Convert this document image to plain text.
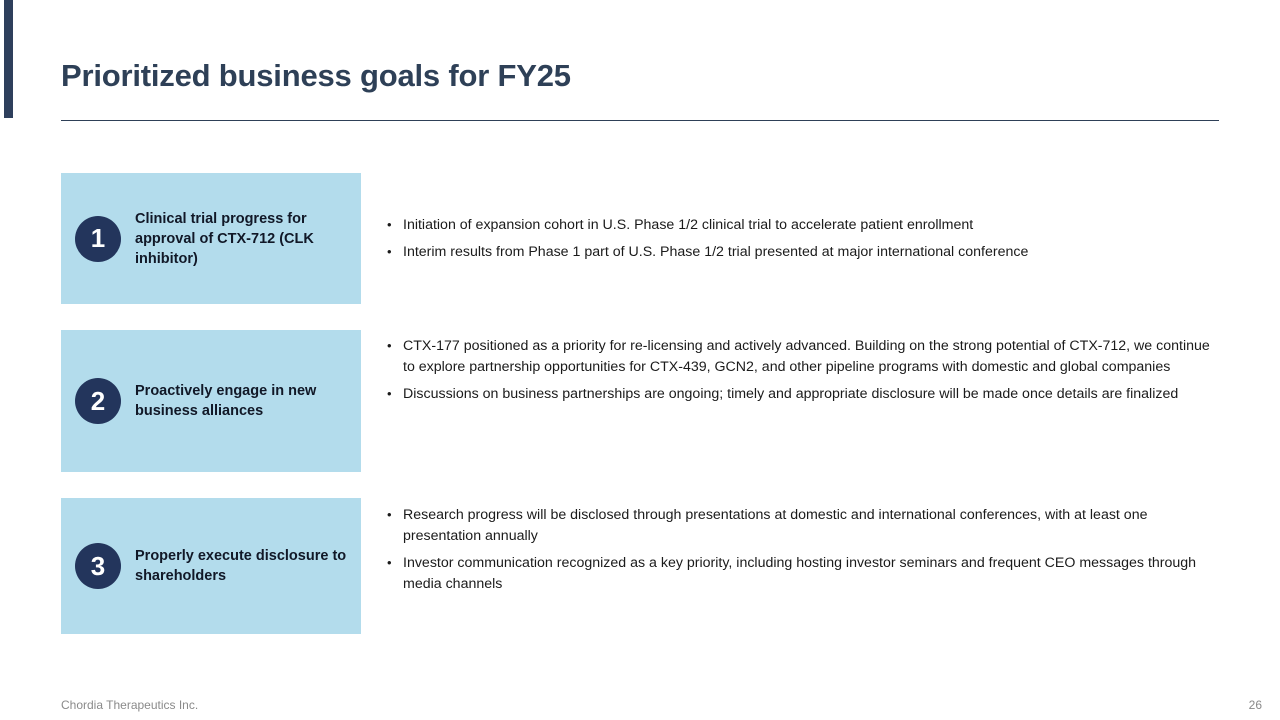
Prioritized business goals for FY25
1
Clinical trial progress for approval of CTX-712 (CLK inhibitor)
• Initiation of expansion cohort in U.S. Phase 1/2 clinical trial to accelerate patient enrollment
• Interim results from Phase 1 part of U.S. Phase 1/2 trial presented at major international conference
2	Proactively engage in new business alliances
• CTX-177 positioned as a priority for re-licensing and actively advanced. Building on the strong potential of CTX-712, we continue to explore partnership opportunities for CTX-439, GCN2, and other pipeline programs with domestic and global companies
• Discussions on business partnerships are ongoing; timely and appropriate disclosure will be made once details are finalized
3	Properly execute disclosure to shareholders
• Research progress will be disclosed through presentations at domestic and international conferences, with at least one presentation annually
• Investor communication recognized as a key priority, including hosting investor seminars and frequent CEO messages through media channels
Chordia Therapeutics Inc.	26
